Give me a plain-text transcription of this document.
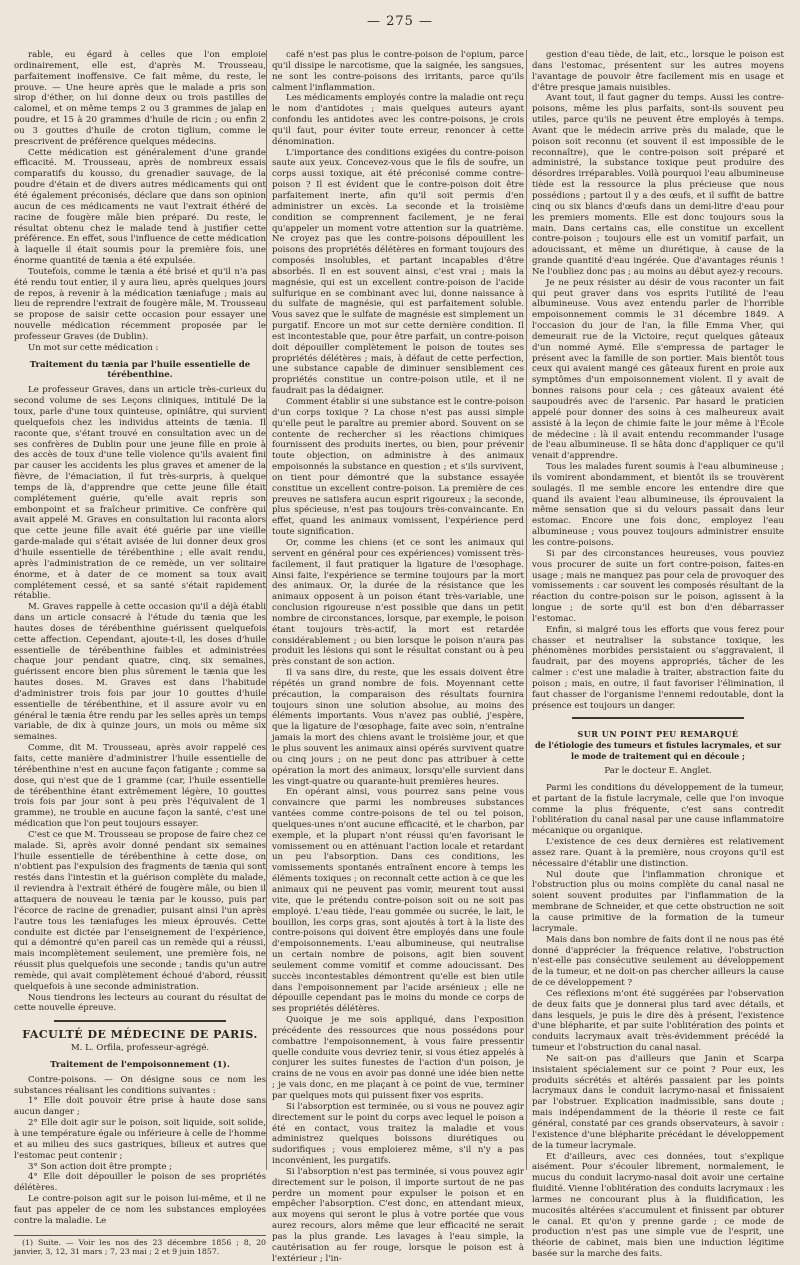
— 275 —

rable, eu égard à celles que l'on emploie ordinairement, elle est, d'après M. Trousseau, parfaitement inoffensive. Ce fait même, du reste, le prouve. — Une heure après que le malade a pris son sirop d'éther, on lui donne deux ou trois pastilles de calomel, et on même temps 2 ou 3 grammes de jalap en poudre, et 15 à 20 grammes d'huile de ricin ; ou enfin 2 ou 3 gouttes d'huile de croton tiglium, comme le prescrivent de préférence quelques médecins.

Cette médication est généralement d'une grande efficacité. M. Trousseau, après de nombreux essais comparatifs du kousso, du grenadier sauvage, de la poudre d'étain et de divers autres médicaments qui ont été également préconisés, déclare que dans son opinion aucun de ces médicaments ne vaut l'extrait éthéré de racine de fougère mâle bien préparé. Du reste, le résultat obtenu chez le malade tend à justifier cette préférence. En effet, sous l'influence de cette médication à laquelle il était soumis pour la première fois, une énorme quantité de tænia a été expulsée.

Toutefois, comme le tænia a été brisé et qu'il n'a pas été rendu tout entier, il y aura lieu, après quelques jours de repos, à revenir à la médication tæniafuge ; mais au lieu de reprendre l'extrait de fougère mâle, M. Trousseau se propose de saisir cette occasion pour essayer une nouvelle médication récemment proposée par le professeur Graves (de Dublin).

Un mot sur cette médication :

Traitement du tænia par l'huile essentielle de térébenthine.

Le professeur Graves, dans un article très-curieux du second volume de ses Leçons cliniques, intitulé De la toux, parle d'une toux quinteuse, opiniâtre, qui survient quelquefois chez les individus atteints de tænia. Il raconte que, s'étant trouvé en consultation avec un de ses confrères de Dublin pour une jeune fille en proie à des accès de toux d'une telle violence qu'ils avaient fini par causer les accidents les plus graves et amener de la fièvre, de l'émaciation, il fut très-surpris, à quelque temps de là, d'apprendre que cette jeune fille était complétement guérie, qu'elle avait repris son embonpoint et sa fraîcheur primitive. Ce confrère qui avait appelé M. Graves en consultation lui raconta alors que cette jeune fille avait été guérie par une vieille garde-malade qui s'était avisée de lui donner deux gros d'huile essentielle de térébenthine ; elle avait rendu, après l'administration de ce remède, un ver solitaire énorme, et à dater de ce moment sa toux avait complétement cessé, et sa santé s'était rapidement rétablie.

M. Graves rappelle à cette occasion qu'il a déjà établi dans un article consacré à l'étude du tænia que les hautes doses de térébenthine guérissent quelquefois cette affection. Cependant, ajoute-t-il, les doses d'huile essentielle de térébenthine faibles et administrées chaque jour pendant quatre, cinq, six semaines, guérissent encore bien plus sûrement le tænia que les hautes doses. M. Graves est dans l'habitude d'administrer trois fois par jour 10 gouttes d'huile essentielle de térébenthine, et il assure avoir vu en général le tænia être rendu par les selles après un temps variable, de dix à quinze jours, un mois ou même six semaines.

Comme, dit M. Trousseau, après avoir rappelé ces faits, cette manière d'administrer l'huile essentielle de térébenthine n'est en aucune façon fatigante ; comme sa dose, qui n'est que de 1 gramme (car, l'huile essentielle de térébenthine étant extrêmement légère, 10 gouttes trois fois par jour sont à peu près l'équivalent de 1 gramme), ne trouble en aucune façon la santé, c'est une médication que l'on peut toujours essayer.

C'est ce que M. Trousseau se propose de faire chez ce malade. Si, après avoir donné pendant six semaines l'huile essentielle de térébenthine à cette dose, on n'obtient pas l'expulsion des fragments de tænia qui sont restés dans l'intestin et la guérison complète du malade, il reviendra à l'extrait éthéré de fougère mâle, ou bien il attaquera de nouveau le tænia par le kousso, puis par l'écorce de racine de grenadier, puisant ainsi l'un après l'autre tous les tæniafuges les mieux éprouvés. Cette conduite est dictée par l'enseignement de l'expérience, qui a démontré qu'en pareil cas un remède qui a réussi, mais incomplètement seulement, une première fois, ne réussit plus quelquefois une seconde ; tandis qu'un autre remède, qui avait complètement échoué d'abord, réussit quelquefois à une seconde administration.

Nous tiendrons les lecteurs au courant du résultat de cette nouvelle épreuve.

FACULTÉ DE MÉDECINE DE PARIS.
M. L. Orfila, professeur-agrégé.
Traitement de l'empoisonnement (1).

Contre-poisons. — On désigne sous ce nom les substances réalisant les conditions suivantes :

1° Elle doit pouvoir être prise à haute dose sans aucun danger ;

2° Elle doit agir sur le poison, soit liquide, soit solide, à une température égale ou inférieure à celle de l'homme et au milieu des sucs gastriques, bilieux et autres que l'estomac peut contenir ;

3° Son action doit être prompte ;

4° Elle doit dépouiller le poison de ses propriétés délétères.

Le contre-poison agit sur le poison lui-même, et il ne faut pas appeler de ce nom les substances employées contre la maladie. Le

(1) Suite. — Voir les nos des 23 décembre 1856 ; 8, 20 janvier, 3, 12, 31 mars ; 7, 23 mai ; 2 et 9 juin 1857.

café n'est pas plus le contre-poison de l'opium, parce qu'il dissipe le narcotisme, que la saignée, les sangsues, ne sont les contre-poisons des irritants, parce qu'ils calment l'inflammation.

Les médicaments employés contre la maladie ont reçu le nom d'antidotes ; mais quelques auteurs ayant confondu les antidotes avec les contre-poisons, je crois qu'il faut, pour éviter toute erreur, renoncer à cette dénomination.

L'importance des conditions exigées du contre-poison saute aux yeux. Concevez-vous que le fils de soufre, un corps aussi toxique, ait été préconisé comme contre-poison ? Il est évident que le contre-poison doit être parfaitement inerte, afin qu'il soit permis d'en administrer un excès. La seconde et la troisième condition se comprennent facilement, je ne ferai qu'appeler un moment votre attention sur la quatrième. Ne croyez pas que les contre-poisons dépouillent les poisons des propriétés délétères en formant toujours des composés insolubles, et partant incapables d'être absorbés. Il en est souvent ainsi, c'est vrai ; mais la magnésie, qui est un excellent contre-poison de l'acide sulfurique en se combinant avec lui, donne naissance à du sulfate de magnésie, qui est parfaitement soluble. Vous savez que le sulfate de magnésie est simplement un purgatif. Encore un mot sur cette dernière condition. Il est incontestable que, pour être parfait, un contre-poison doit dépouiller complètement le poison de toutes ses propriétés délétères ; mais, à défaut de cette perfection, une substance capable de diminuer sensiblement ces propriétés constitue un contre-poison utile, et il ne faudrait pas la dédaigner.

Comment établir si une substance est le contre-poison d'un corps toxique ? La chose n'est pas aussi simple qu'elle peut le paraître au premier abord. Souvent on se contente de rechercher si les réactions chimiques fournissent des produits inertes, ou bien, pour prévenir toute objection, on administre à des animaux empoisonnés la substance en question ; et s'ils survivent, on tient pour démontré que la substance essayée constitue un excellent contre-poison. La première de ces preuves ne satisfera aucun esprit rigoureux ; la seconde, plus spécieuse, n'est pas toujours très-convaincante. En effet, quand les animaux vomissent, l'expérience perd toute signification.

Or, comme les chiens (et ce sont les animaux qui servent en général pour ces expériences) vomissent très-facilement, il faut pratiquer la ligature de l'œsophage. Ainsi faite, l'expérience se termine toujours par la mort des animaux. Or, la durée de la résistance que les animaux opposent à un poison étant très-variable, une conclusion rigoureuse n'est possible que dans un petit nombre de circonstances, lorsque, par exemple, le poison étant toujours très-actif, la mort est retardée considérablement ; ou bien lorsque le poison n'aura pas produit les lésions qui sont le résultat constant ou à peu près constant de son action.

Il va sans dire, du reste, que les essais doivent être répétés un grand nombre de fois. Moyennant cette précaution, la comparaison des résultats fournira toujours sinon une solution absolue, au moins des éléments importants. Vous n'avez pas oublié, j'espère, que la ligature de l'œsophage, faite avec soin, n'entraîne jamais la mort des chiens avant le troisième jour, et que le plus souvent les animaux ainsi opérés survivent quatre ou cinq jours ; on ne peut donc pas attribuer à cette opération la mort des animaux, lorsqu'elle survient dans les vingt-quatre ou quarante-huit premières heures.

En opérant ainsi, vous pourrez sans peine vous convaincre que parmi les nombreuses substances vantées comme contre-poisons de tel ou tel poison, quelques-unes n'ont aucune efficacité, et le charbon, par exemple, et la plupart n'ont réussi qu'en favorisant le vomissement ou en atténuant l'action locale et retardant un peu l'absorption. Dans ces conditions, les vomissements spontanés entraînent encore à temps les éléments toxiques ; on reconnaît cette action à ce que les animaux qui ne peuvent pas vomir, meurent tout aussi vite, que le prétendu contre-poison soit ou ne soit pas employé. L'eau tiède, l'eau gommée ou sucrée, le lait, le bouillon, les corps gras, sont ajoutés à tort à la liste des contre-poisons qui doivent être employés dans une foule d'empoisonnements. L'eau albumineuse, qui neutralise un certain nombre de poisons, agit bien souvent seulement comme vomitif et comme adoucissant. Des succès incontestables démontrent qu'elle est bien utile dans l'empoisonnement par l'acide arsénieux ; elle ne dépouille cependant pas le moins du monde ce corps de ses propriétés délétères.

Quoique je me sois appliqué, dans l'exposition précédente des ressources que nous possédons pour combattre l'empoisonnement, à vous faire pressentir quelle conduite vous devriez tenir, si vous étiez appelés à conjurer les suites funestes de l'action d'un poison, je crains de ne vous en avoir pas donné une idée bien nette ; je vais donc, en me plaçant à ce point de vue, terminer par quelques mots qui puissent fixer vos esprits.

Si l'absorption est terminée, ou si vous ne pouvez agir directement sur le point du corps avec lequel le poison a été en contact, vous traitez la maladie et vous administrez quelques boissons diurétiques ou sudorifiques ; vous emploierez même, s'il n'y a pas inconvénient, les purgatifs.

Si l'absorption n'est pas terminée, si vous pouvez agir directement sur le poison, il importe surtout de ne pas perdre un moment pour expulser le poison et en empêcher l'absorption. C'est donc, en attendant mieux, aux moyens qui seront le plus à votre portée que vous aurez recours, alors même que leur efficacité ne serait pas la plus grande. Les lavages à l'eau simple, la cautérisation au fer rouge, lorsque le poison est à l'extérieur ; l'in-

gestion d'eau tiède, de lait, etc., lorsque le poison est dans l'estomac, présentent sur les autres moyens l'avantage de pouvoir être facilement mis en usage et d'être presque jamais nuisibles.

Avant tout, il faut gagner du temps. Aussi les contre-poisons, même les plus parfaits, sont-ils souvent peu utiles, parce qu'ils ne peuvent être employés à temps. Avant que le médecin arrive près du malade, que le poison soit reconnu (et souvent il est impossible de le reconnaître), que le contre-poison soit préparé et administré, la substance toxique peut produire des désordres irréparables. Voilà pourquoi l'eau albumineuse tiède est la ressource la plus précieuse que nous possédions ; partout il y a des œufs, et il suffit de battre cinq ou six blancs d'œufs dans un demi-litre d'eau pour les premiers moments. Elle est donc toujours sous la main. Dans certains cas, elle constitue un excellent contre-poison ; toujours elle est un vomitif parfait, un adoucissant, et même un diurétique, à cause de la grande quantité d'eau ingérée. Que d'avantages réunis ! Ne l'oubliez donc pas ; au moins au début ayez-y recours.

Je ne peux résister au désir de vous raconter un fait qui peut graver dans vos esprits l'utilité de l'eau albumineuse. Vous avez entendu parler de l'horrible empoisonnement commis le 31 décembre 1849. A l'occasion du jour de l'an, la fille Emma Vher, qui demeurait rue de la Victoire, reçut quelques gâteaux d'un nommé Aymé. Elle s'empressa de partager le présent avec la famille de son portier. Mais bientôt tous ceux qui avaient mangé ces gâteaux furent en proie aux symptômes d'un empoisonnement violent. Il y avait de bonnes raisons pour cela ; ces gâteaux avaient été saupoudrés avec de l'arsenic. Par hasard le praticien appelé pour donner des soins à ces malheureux avait assisté à la leçon de chimie faite le jour même à l'École de médecine : là il avait entendu recommander l'usage de l'eau albumineuse. Il se hâta donc d'appliquer ce qu'il venait d'apprendre.

Tous les malades furent soumis à l'eau albumineuse ; ils vomirent abondamment, et bientôt ils se trouvèrent soulagés. Il me semble encore les entendre dire que quand ils avaient l'eau albumineuse, ils éprouvaient la même sensation que si du velours passait dans leur estomac. Encore une fois donc, employez l'eau albumineuse ; vous pouvez toujours administrer ensuite les contre-poisons.

Si par des circonstances heureuses, vous pouviez vous procurer de suite un fort contre-poison, faites-en usage ; mais ne manquez pas pour cela de provoquer des vomissements : car souvent les composés résultant de la réaction du contre-poison sur le poison, agissent à la longue ; de sorte qu'il est bon d'en débarrasser l'estomac.

Enfin, si malgré tous les efforts que vous ferez pour chasser et neutraliser la substance toxique, les phénomènes morbides persistaient ou s'aggravaient, il faudrait, par des moyens appropriés, tâcher de les calmer : c'est une maladie à traiter, abstraction faite du poison ; mais, en outre, il faut favoriser l'élimination, il faut chasser de l'organisme l'ennemi redoutable, dont la présence est toujours un danger.

SUR UN POINT PEU REMARQUÉ
de l'étiologie des tumeurs et fistules lacrymales, et sur le mode de traitement qui en découle ;
Par le docteur E. Anglet.

Parmi les conditions du développement de la tumeur, et partant de la fistule lacrymale, celle que l'on invoque comme la plus fréquente, c'est sans contredit l'oblitération du canal nasal par une cause inflammatoire mécanique ou organique.

L'existence de ces deux dernières est relativement assez rare. Quant à la première, nous croyons qu'il est nécessaire d'établir une distinction.

Nul doute que l'inflammation chronique et l'obstruction plus ou moins complète du canal nasal ne soient souvent produites par l'inflammation de la membrane de Schneider, et que cette obstruction ne soit la cause primitive de la formation de la tumeur lacrymale.

Mais dans bon nombre de faits dont il ne nous pas été donné d'apprécier la fréquence relative, l'obstruction n'est-elle pas consécutive seulement au développement de la tumeur, et ne doit-on pas chercher ailleurs la cause de ce développement ?

Ces réflexions m'ont été suggérées par l'observation de deux faits que je donnerai plus tard avec détails, et dans lesquels, je puis le dire dès à présent, l'existence d'une blépharite, et par suite l'oblitération des points et conduits lacrymaux avait très-évidemment précédé la tumeur et l'obstruction du canal nasal.

Ne sait-on pas d'ailleurs que Janin et Scarpa insistaient spécialement sur ce point ? Pour eux, les produits sécrétés et altérés passaient par les points lacrymaux dans le conduit lacrymo-nasal et finissaient par l'obstruer. Explication inadmissible, sans doute ; mais indépendamment de la théorie il reste ce fait général, constaté par ces grands observateurs, à savoir : l'existence d'une blépharite précédant le développement de la tumeur lacrymale.

Et d'ailleurs, avec ces données, tout s'explique aisément. Pour s'écouler librement, normalement, le mucus du conduit lacrymo-nasal doit avoir une certaine fluidité. Vienne l'oblitération des conduits lacrymaux : les larmes ne concourant plus à la fluidification, les mucosités altérées s'accumulent et finissent par obturer le canal. Et qu'on y prenne garde ; ce mode de production n'est pas une simple vue de l'esprit, une théorie de cabinet, mais bien une induction légitime basée sur la marche des faits.
